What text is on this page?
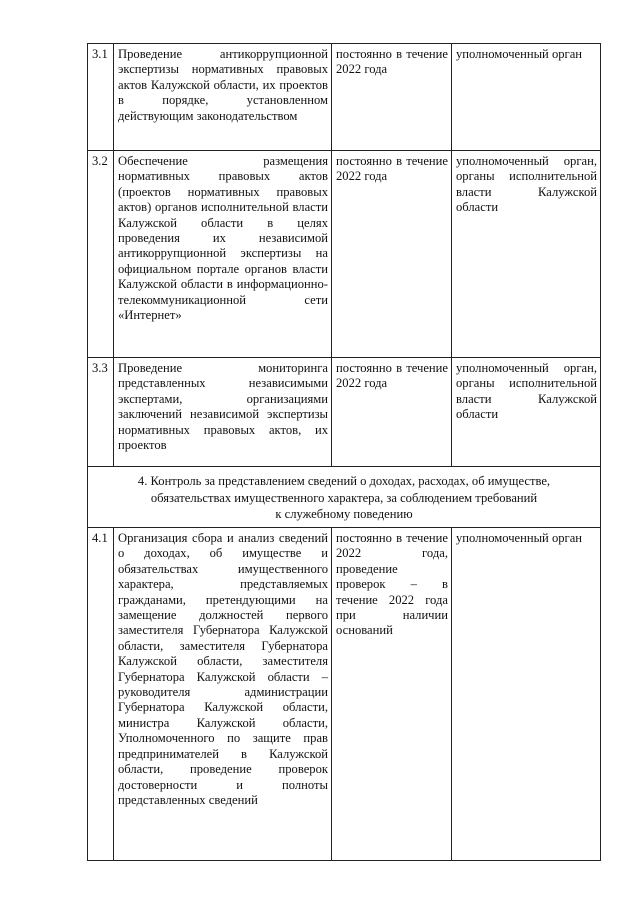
3.1	Проведение антикоррупционной экспертизы нормативных правовых актов Калужской области, их проектов в порядке, установленном действующим законодательством	постоянно в течение 2022 года	уполномоченный орган
3.2	Обеспечение размещения нормативных правовых актов (проектов нормативных правовых актов) органов исполнительной власти Калужской области в целях проведения их независимой антикоррупционной экспертизы на официальном портале органов власти Калужской области в информационно-телекоммуникационной сети «Интернет»	постоянно в течение 2022 года	уполномоченный орган, органы исполнительной власти Калужской области
3.3	Проведение мониторинга представленных независимыми экспертами, организациями заключений независимой экспертизы нормативных правовых актов, их проектов	постоянно в течение 2022 года	уполномоченный орган, органы исполнительной власти Калужской области

4. Контроль за представлением сведений о доходах, расходах, об имуществе,
обязательствах имущественного характера, за соблюдением требований
к служебному поведению			

4.1	Организация сбора и анализ сведений о доходах, об имуществе и обязательствах имущественного характера, представляемых гражданами, претендующими на замещение должностей первого заместителя Губернатора Калужской области, заместителя Губернатора Калужской области, заместителя Губернатора Калужской области – руководителя администрации Губернатора Калужской области, министра Калужской области, Уполномоченного по защите прав предпринимателей в Калужской области, проведение проверок достоверности и полноты представленных сведений	постоянно в течение 2022 года, проведение проверок – в течение 2022 года при наличии оснований	уполномоченный орган
